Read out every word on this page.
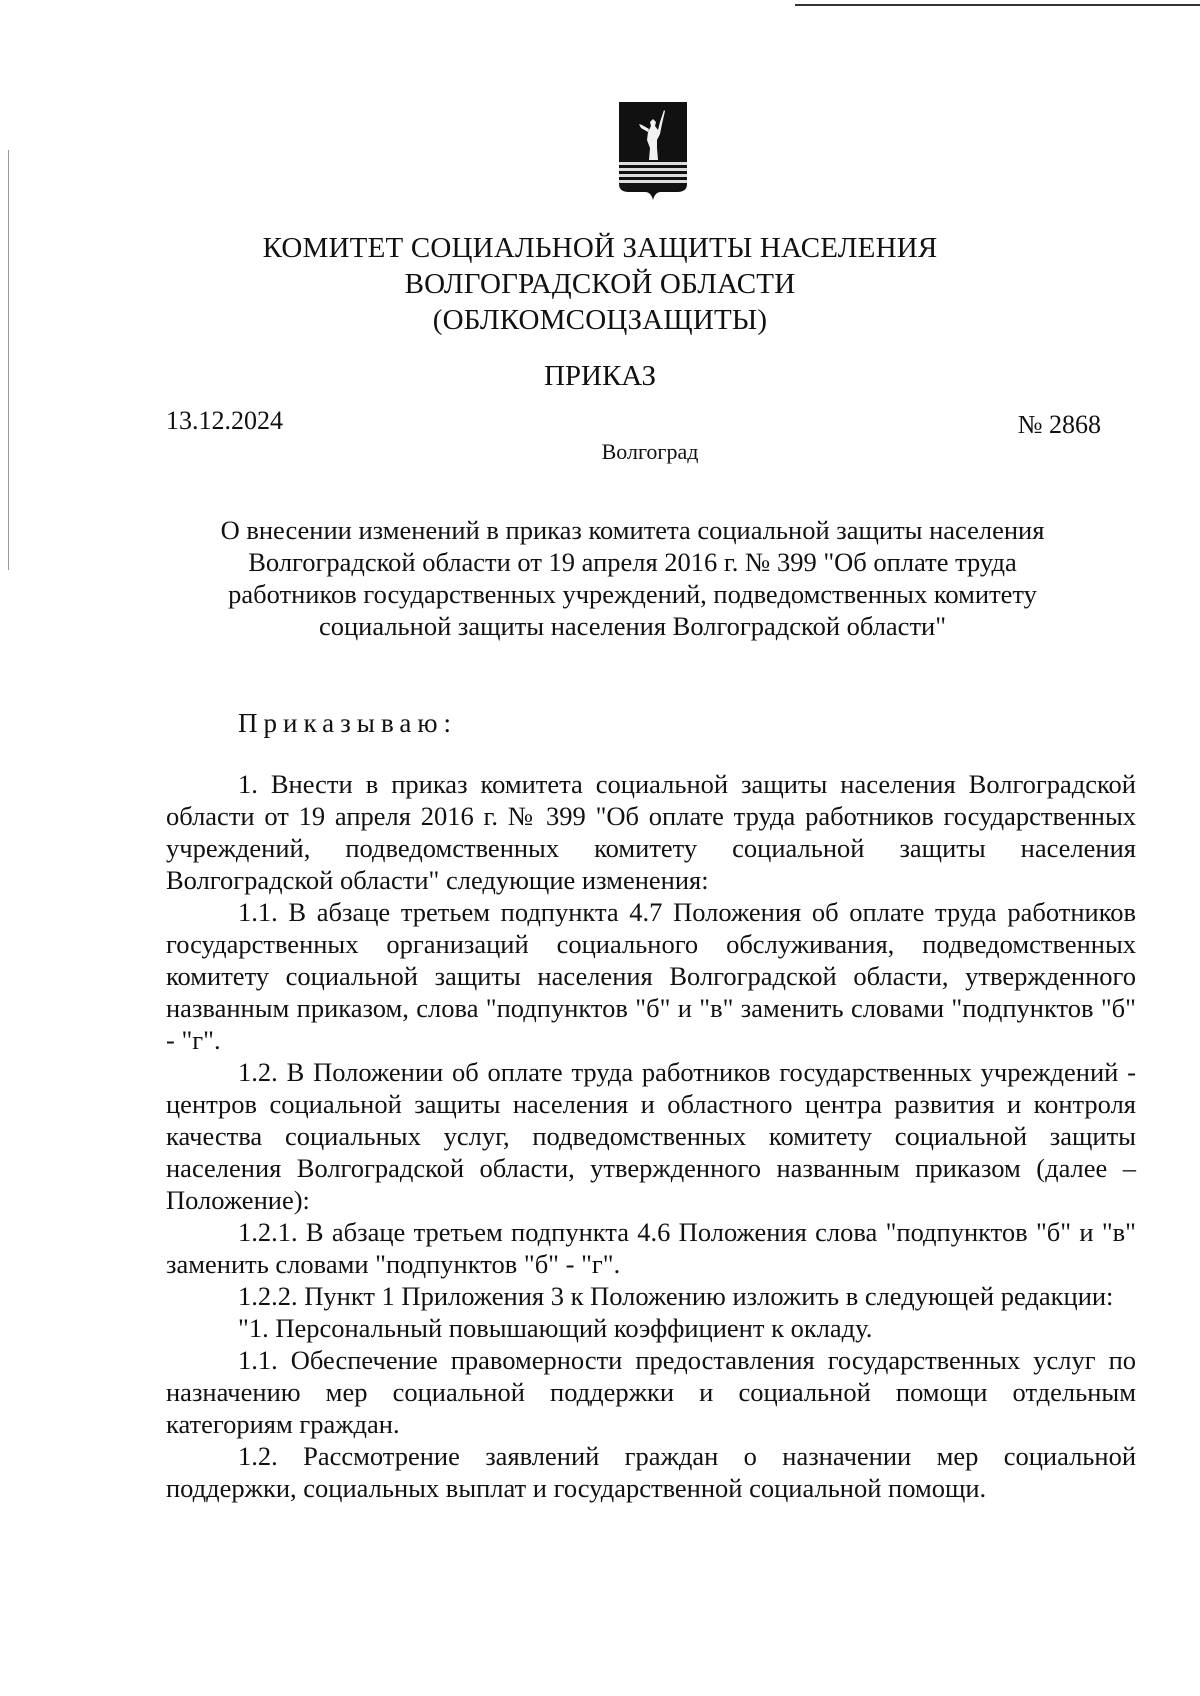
КОМИТЕТ СОЦИАЛЬНОЙ ЗАЩИТЫ НАСЕЛЕНИЯ
ВОЛГОГРАДСКОЙ ОБЛАСТИ
(ОБЛКОМСОЦЗАЩИТЫ)
ПРИКАЗ
13.12.2024	№ 2868
Волгоград
О внесении изменений в приказ комитета социальной защиты населения
Волгоградской области от 19 апреля 2016 г. № 399 "Об оплате труда
работников государственных учреждений, подведомственных комитету
социальной защиты населения Волгоградской области"
Приказываю:

1. Внести в приказ комитета социальной защиты населения Волгоградской области от 19 апреля 2016 г. № 399 "Об оплате труда работников государственных учреждений, подведомственных комитету социальной защиты населения Волгоградской области" следующие изменения:

1.1. В абзаце третьем подпункта 4.7 Положения об оплате труда работников государственных организаций социального обслуживания, подведомственных комитету социальной защиты населения Волгоградской области, утвержденного названным приказом, слова "подпунктов "б" и "в" заменить словами "подпунктов "б" - "г".

1.2. В Положении об оплате труда работников государственных учреждений - центров социальной защиты населения и областного центра развития и контроля качества социальных услуг, подведомственных комитету социальной защиты населения Волгоградской области, утвержденного названным приказом (далее – Положение):

1.2.1. В абзаце третьем подпункта 4.6 Положения слова "подпунктов "б" и "в" заменить словами "подпунктов "б" - "г".

1.2.2. Пункт 1 Приложения 3 к Положению изложить в следующей редакции:

"1. Персональный повышающий коэффициент к окладу.

1.1. Обеспечение правомерности предоставления государственных услуг по назначению мер социальной поддержки и социальной помощи отдельным категориям граждан.

1.2. Рассмотрение заявлений граждан о назначении мер социальной поддержки, социальных выплат и государственной социальной помощи.
